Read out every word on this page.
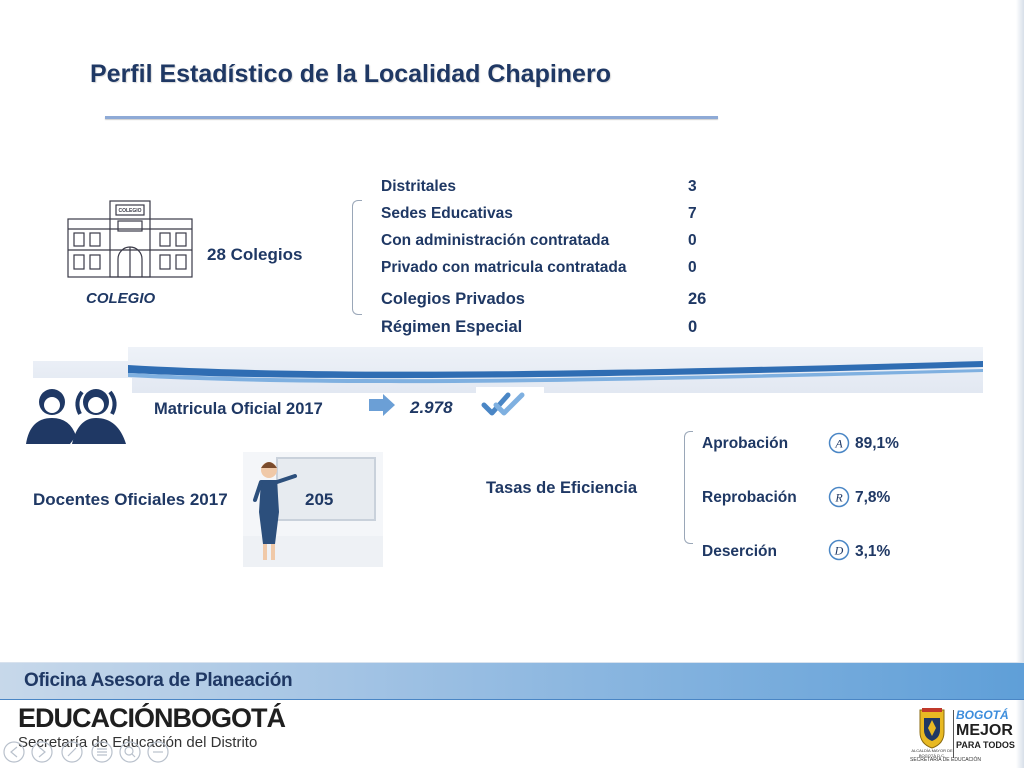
Perfil Estadístico de la Localidad Chapinero
COLEGIO
COLEGIO
28 Colegios
Distritales	3
Sedes Educativas	7
Con administración contratada	0
Privado con matricula contratada	0
Colegios Privados	26
Régimen Especial	0
Matricula Oficial 2017	2.978
Docentes Oficiales 2017	205
Tasas de Eficiencia
Aprobación	A 89,1%
Reprobación	R 7,8%
Deserción	D 3,1%
Oficina Asesora de Planeación
EDUCACIÓNBOGOTÁ
Secretaría de Educación del Distrito	ALCALDÍA MAYOR DE BOGOTÁ D.C.
BOGOTÁ
MEJOR
PARA TODOS
SECRETARÍA DE EDUCACIÓN
